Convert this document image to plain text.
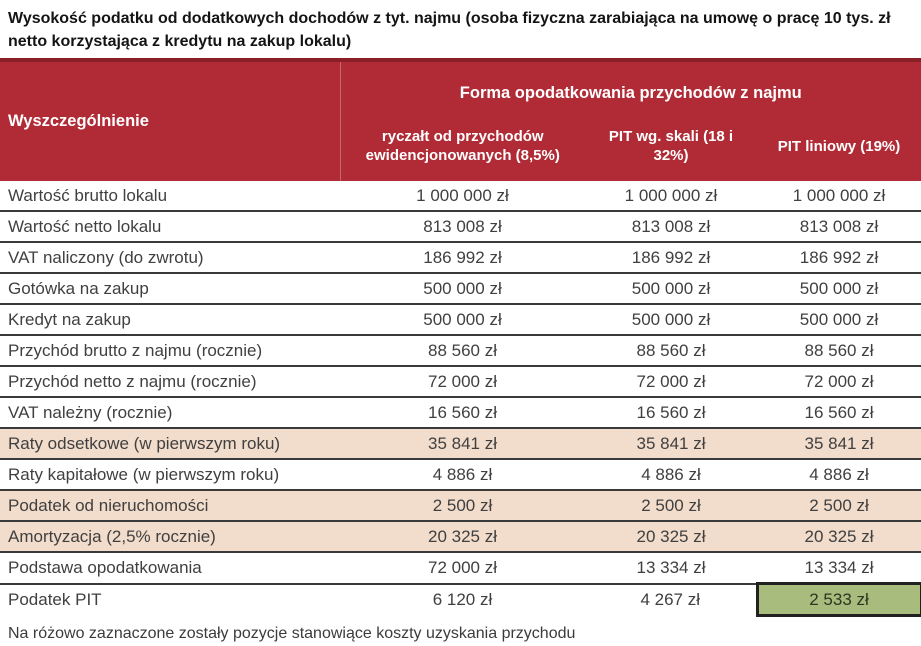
Wysokość podatku od dodatkowych dochodów z tyt. najmu (osoba fizyczna zarabiająca na umowę o pracę 10 tys. zł netto korzystająca z kredytu na zakup lokalu)
Wyszczególnienie	Forma opodatkowania przychodów z najmu		
	ryczałt od przychodów ewidencjonowanych (8,5%)	PIT wg. skali (18 i 32%)	PIT liniowy (19%)
Wartość brutto lokalu	1 000 000 zł	1 000 000 zł	1 000 000 zł
Wartość netto lokalu	813 008 zł	813 008 zł	813 008 zł
VAT naliczony (do zwrotu)	186 992 zł	186 992 zł	186 992 zł
Gotówka na zakup	500 000 zł	500 000 zł	500 000 zł
Kredyt na zakup	500 000 zł	500 000 zł	500 000 zł
Przychód brutto z najmu (rocznie)	88 560 zł	88 560 zł	88 560 zł
Przychód netto z najmu (rocznie)	72 000 zł	72 000 zł	72 000 zł
VAT należny (rocznie)	16 560 zł	16 560 zł	16 560 zł
Raty odsetkowe (w pierwszym roku)	35 841 zł	35 841 zł	35 841 zł
Raty kapitałowe (w pierwszym roku)	4 886 zł	4 886 zł	4 886 zł
Podatek od nieruchomości	2 500 zł	2 500 zł	2 500 zł
Amortyzacja (2,5% rocznie)	20 325 zł	20 325 zł	20 325 zł
Podstawa opodatkowania	72 000 zł	13 334 zł	13 334 zł
Podatek PIT	6 120 zł	4 267 zł	2 533 zł
Na różowo zaznaczone zostały pozycje stanowiące koszty uzyskania przychodu
